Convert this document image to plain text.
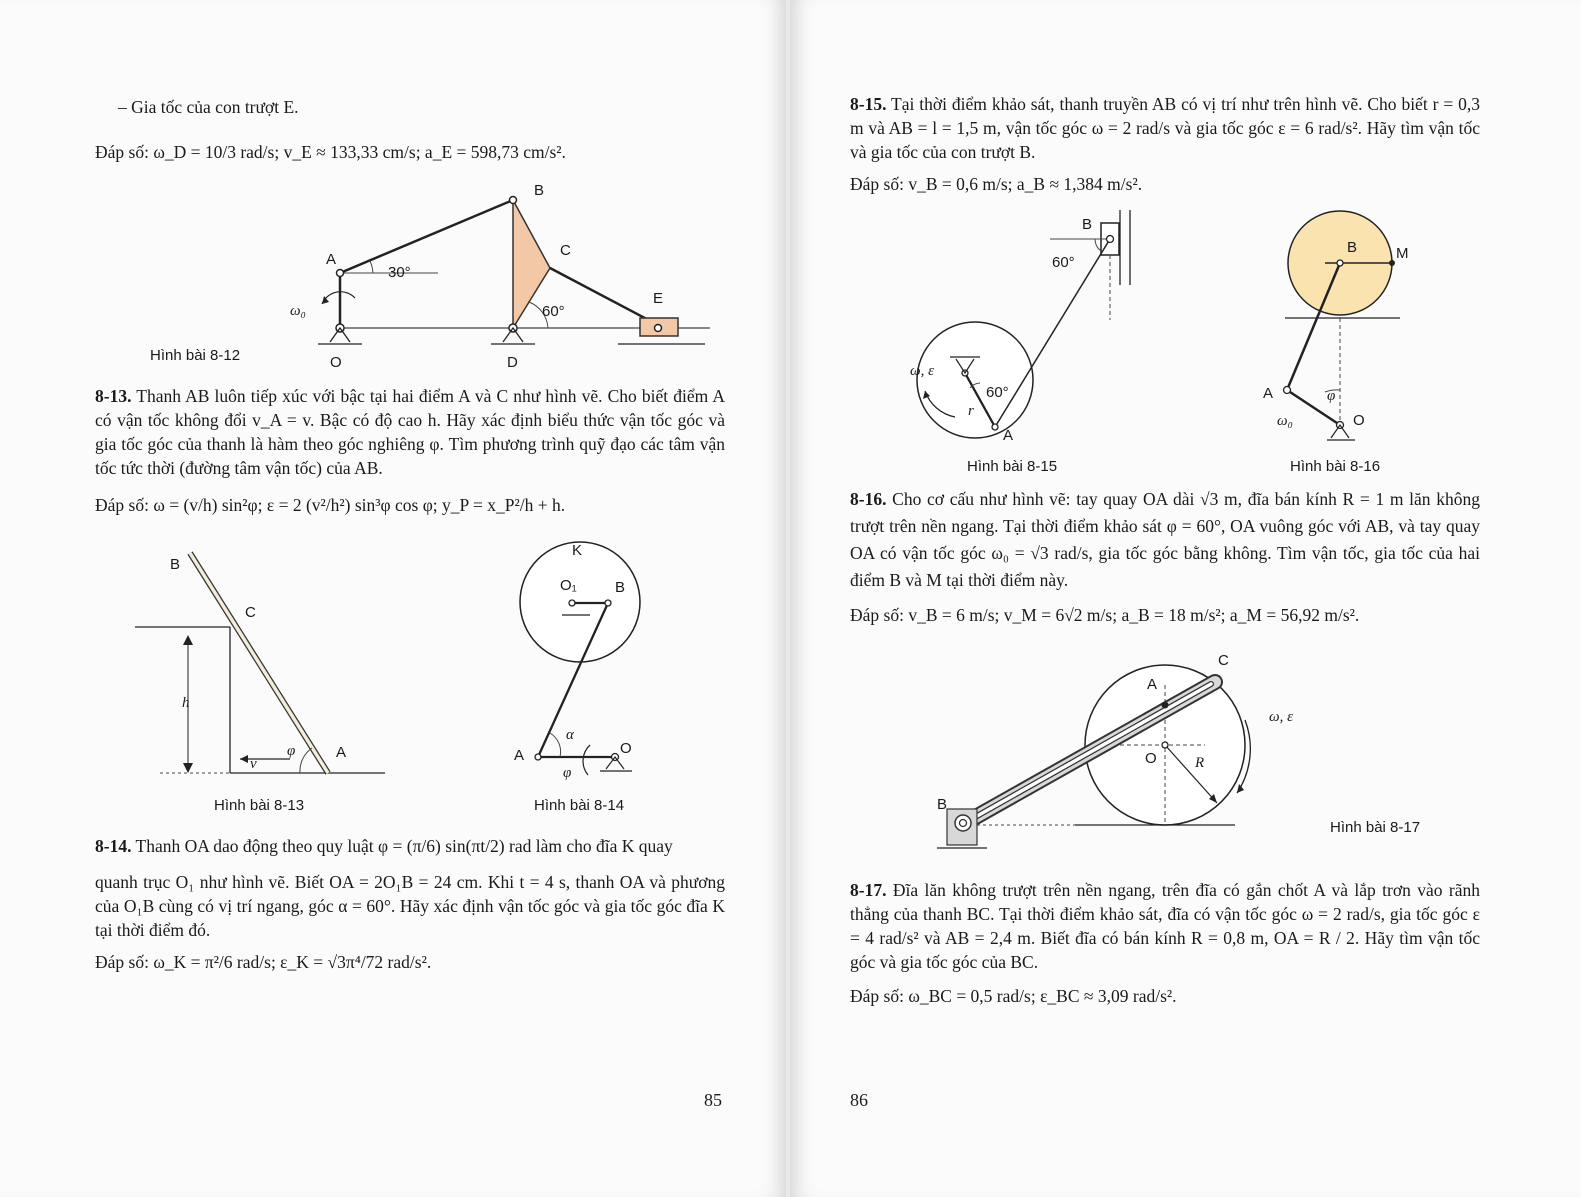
– Gia tốc của con trượt E.
Đáp số: ω_D = 10/3 rad/s; v_E ≈ 133,33 cm/s; a_E = 598,73 cm/s².
B
A
C
E
O	D
30°
60°
ω₀
Hình bài 8-12
8-13. Thanh AB luôn tiếp xúc với bậc tại hai điểm A và C như hình vẽ. Cho biết điểm A có vận tốc không đổi v_A = v. Bậc có độ cao h. Hãy xác định biểu thức vận tốc góc và gia tốc góc của thanh là hàm theo góc nghiêng φ. Tìm phương trình quỹ đạo các tâm vận tốc tức thời (đường tâm vận tốc) của AB.
Đáp số: ω = (v/h) sin²φ; ε = 2 (v²/h²) sin³φ cos φ; y_P = x_P²/h + h.
B
C
A
h
v⃗
φ
Hình bài 8-13
K
O₁	B
A	O
α
φ
Hình bài 8-14
8-14. Thanh OA dao động theo quy luật φ = (π/6) sin(πt/2) rad làm cho đĩa K quay
quanh trục O₁ như hình vẽ. Biết OA = 2O₁B = 24 cm. Khi t = 4 s, thanh OA và phương của O₁B cùng có vị trí ngang, góc α = 60°. Hãy xác định vận tốc góc và gia tốc góc đĩa K tại thời điểm đó.
Đáp số: ω_K = π²/6 rad/s; ε_K = √3π⁴/72 rad/s².
85
8-15. Tại thời điểm khảo sát, thanh truyền AB có vị trí như trên hình vẽ. Cho biết r = 0,3 m và AB = l = 1,5 m, vận tốc góc ω = 2 rad/s và gia tốc góc ε = 6 rad/s². Hãy tìm vận tốc và gia tốc của con trượt B.
Đáp số: v_B = 0,6 m/s; a_B ≈ 1,384 m/s².
B
60°
60°
r
ω, ε
A
Hình bài 8-15
B	M
A
O
φ
ω₀
Hình bài 8-16
8-16. Cho cơ cấu như hình vẽ: tay quay OA dài √3 m, đĩa bán kính R = 1 m lăn không trượt trên nền ngang. Tại thời điểm khảo sát φ = 60°, OA vuông góc với AB, và tay quay OA có vận tốc góc ω₀ = √3 rad/s, gia tốc góc bằng không. Tìm vận tốc, gia tốc của hai điểm B và M tại thời điểm này.
Đáp số: v_B = 6 m/s; v_M = 6√2 m/s; a_B = 18 m/s²; a_M = 56,92 m/s².
C
A
O	R
B
ω, ε
Hình bài 8-17
8-17. Đĩa lăn không trượt trên nền ngang, trên đĩa có gắn chốt A và lắp trơn vào rãnh thẳng của thanh BC. Tại thời điểm khảo sát, đĩa có vận tốc góc ω = 2 rad/s, gia tốc góc ε = 4 rad/s² và AB = 2,4 m. Biết đĩa có bán kính R = 0,8 m, OA = R / 2. Hãy tìm vận tốc góc và gia tốc góc của BC.
Đáp số: ω_BC = 0,5 rad/s; ε_BC ≈ 3,09 rad/s².
86
